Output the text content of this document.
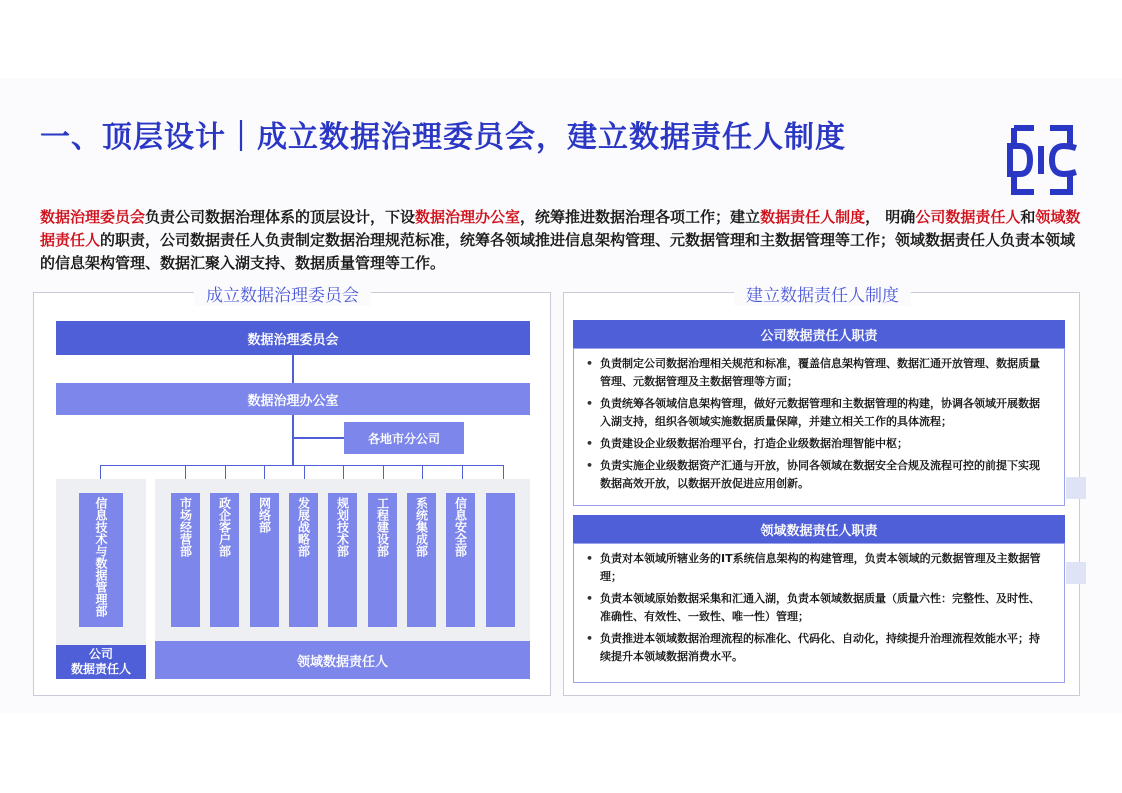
一、顶层设计｜成立数据治理委员会，建立数据责任人制度
数据治理委员会负责公司数据治理体系的顶层设计，下设数据治理办公室，统筹推进数据治理各项工作；建立数据责任人制度， 明确公司数据责任人和领域数据责任人的职责，公司数据责任人负责制定数据治理规范标准，统筹各领域推进信息架构管理、元数据管理和主数据管理等工作；领域数据责任人负责本领域的信息架构管理、数据汇聚入湖支持、数据质量管理等工作。
成立数据治理委员会
数据治理委员会
数据治理办公室
各地市分公司
信息技术与数据管理部
公司
数据责任人
市场经营部 政企客户部 网络部 发展战略部 规划技术部 工程建设部 系统集成部 信息安全部
领域数据责任人
建立数据责任人制度
公司数据责任人职责
• 负责制定公司数据治理相关规范和标准，覆盖信息架构管理、数据汇通开放管理、数据质量管理、元数据管理及主数据管理等方面；
• 负责统筹各领域信息架构管理，做好元数据管理和主数据管理的构建，协调各领域开展数据入湖支持，组织各领域实施数据质量保障，并建立相关工作的具体流程；
• 负责建设企业级数据治理平台，打造企业级数据治理智能中枢；
• 负责实施企业级数据资产汇通与开放，协同各领域在数据安全合规及流程可控的前提下实现数据高效开放，以数据开放促进应用创新。
领域数据责任人职责
• 负责对本领域所辖业务的IT系统信息架构的构建管理，负责本领域的元数据管理及主数据管理；
• 负责本领域原始数据采集和汇通入湖，负责本领域数据质量（质量六性：完整性、及时性、准确性、有效性、一致性、唯一性）管理；
• 负责推进本领域数据治理流程的标准化、代码化、自动化，持续提升治理流程效能水平；持续提升本领域数据消费水平。
